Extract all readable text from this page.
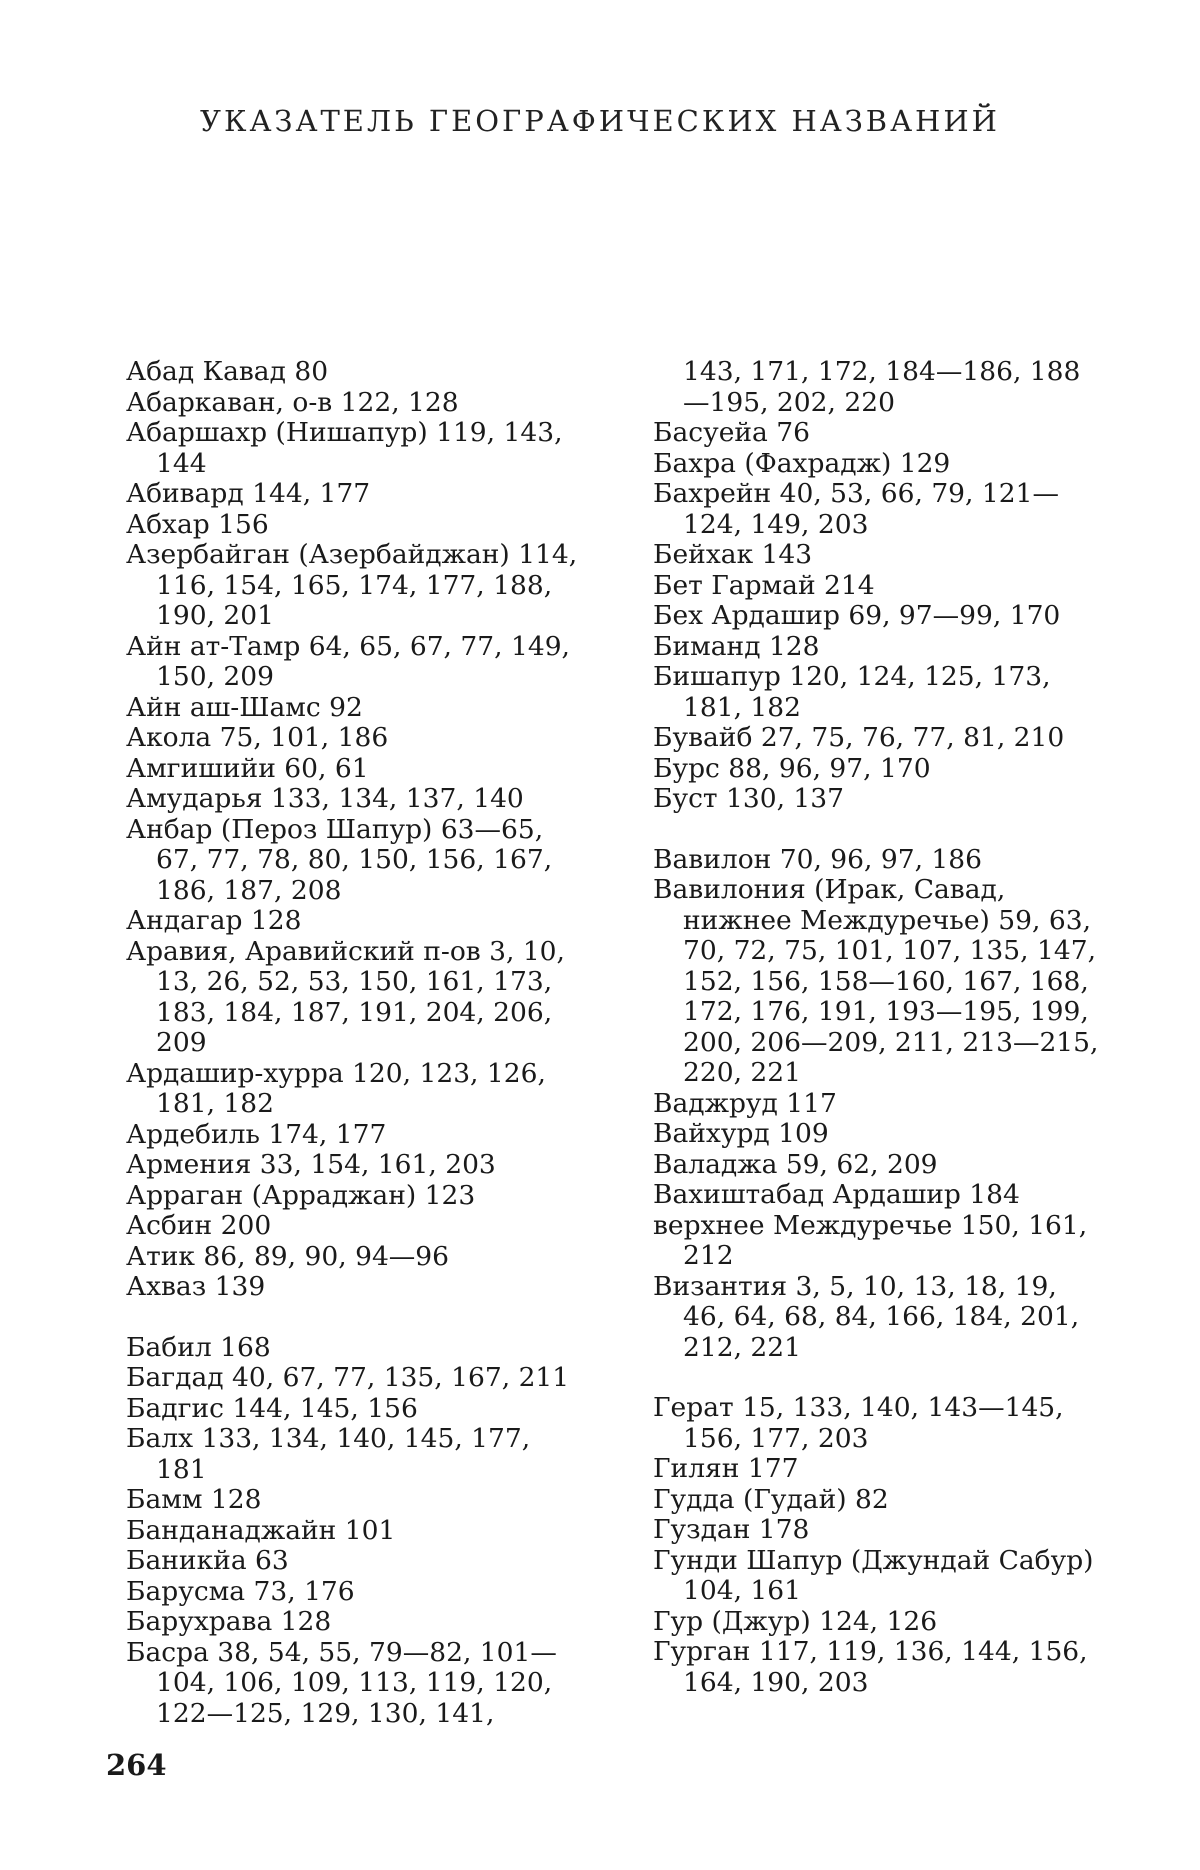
УКАЗАТЕЛЬ ГЕОГРАФИЧЕСКИХ НАЗВАНИЙ
Абад Кавад 80
Абаркаван, о-в 122, 128
Абаршахр (Нишапур) 119, 143, 144
Абивард 144, 177
Абхар 156
Азербайган (Азербайджан) 114, 116, 154, 165, 174, 177, 188, 190, 201
Айн ат-Тамр 64, 65, 67, 77, 149, 150, 209
Айн аш-Шамс 92
Акола 75, 101, 186
Амгишийи 60, 61
Амударья 133, 134, 137, 140
Анбар (Пероз Шапур) 63—65, 67, 77, 78, 80, 150, 156, 167, 186, 187, 208
Андагар 128
Аравия, Аравийский п-ов 3, 10, 13, 26, 52, 53, 150, 161, 173, 183, 184, 187, 191, 204, 206, 209
Ардашир-хурра 120, 123, 126, 181, 182
Ардебиль 174, 177
Армения 33, 154, 161, 203
Арраган (Арраджан) 123
Асбин 200
Атик 86, 89, 90, 94—96
Ахваз 139
Бабил 168
Багдад 40, 67, 77, 135, 167, 211
Бадгис 144, 145, 156
Балх 133, 134, 140, 145, 177, 181
Бамм 128
Банданаджайн 101
Баникйа 63
Барусма 73, 176
Барухрава 128
Басра 38, 54, 55, 79—82, 101—104, 106, 109, 113, 119, 120, 122—125, 129, 130, 141,
143, 171, 172, 184—186, 188—195, 202, 220
Басуейа 76
Бахра (Фахрадж) 129
Бахрейн 40, 53, 66, 79, 121—124, 149, 203
Бейхак 143
Бет Гармай 214
Бех Ардашир 69, 97—99, 170
Биманд 128
Бишапур 120, 124, 125, 173, 181, 182
Бувайб 27, 75, 76, 77, 81, 210
Бурс 88, 96, 97, 170
Буст 130, 137
Вавилон 70, 96, 97, 186
Вавилония (Ирак, Савад, нижнее Междуречье) 59, 63, 70, 72, 75, 101, 107, 135, 147, 152, 156, 158—160, 167, 168, 172, 176, 191, 193—195, 199, 200, 206—209, 211, 213—215, 220, 221
Ваджруд 117
Вайхурд 109
Валаджа 59, 62, 209
Вахиштабад Ардашир 184
верхнее Междуречье 150, 161, 212
Византия 3, 5, 10, 13, 18, 19, 46, 64, 68, 84, 166, 184, 201, 212, 221
Герат 15, 133, 140, 143—145, 156, 177, 203
Гилян 177
Гудда (Гудай) 82
Гуздан 178
Гунди Шапур (Джундай Сабур) 104, 161
Гур (Джур) 124, 126
Гурган 117, 119, 136, 144, 156, 164, 190, 203
264
